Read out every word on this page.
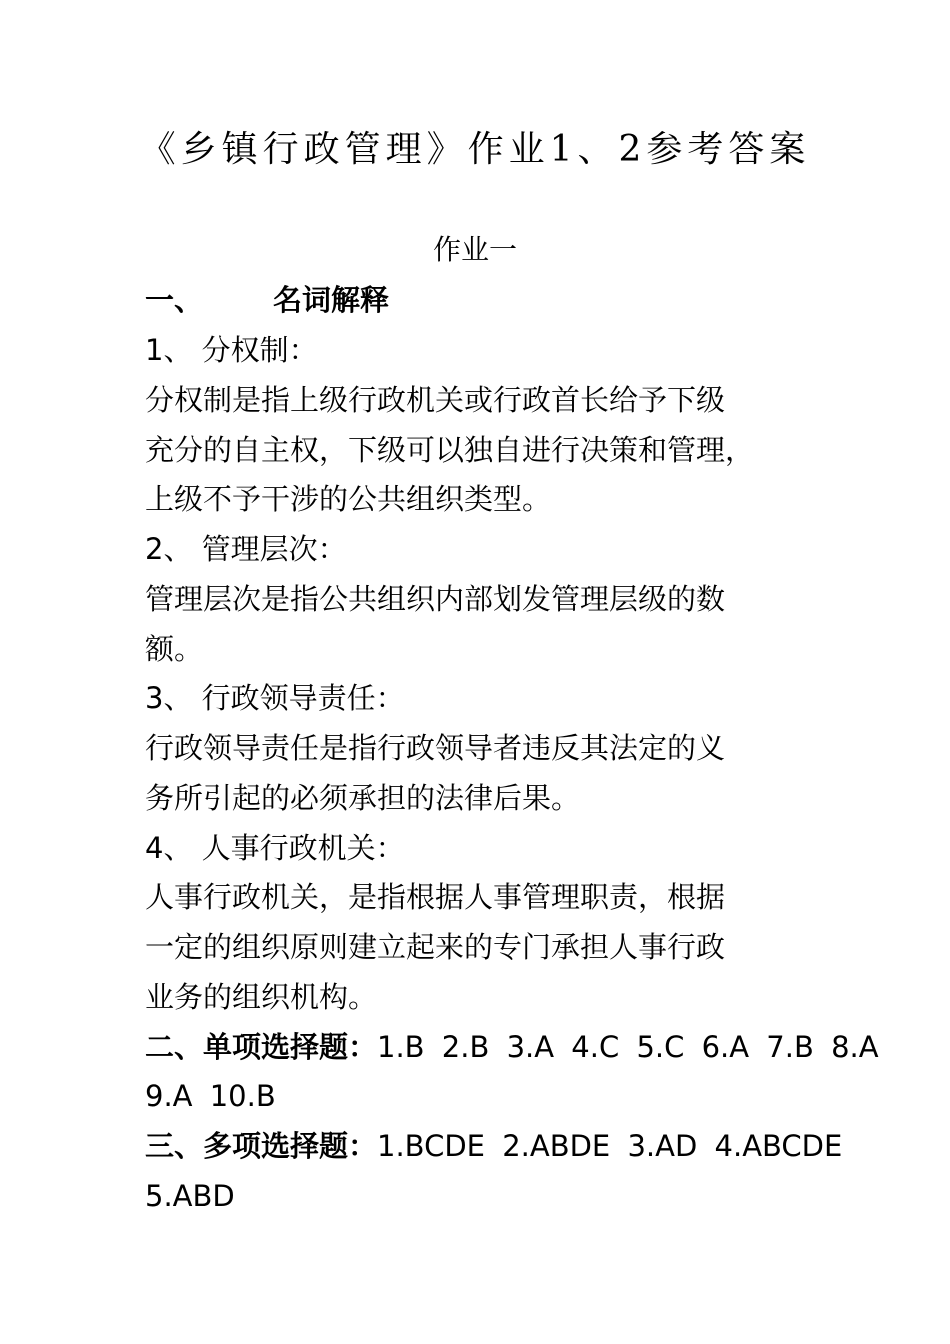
《乡镇行政管理》作业1、2参考答案
作业一
一、 名词解释
1、 分权制：
分权制是指上级行政机关或行政首长给予下级
充分的自主权，下级可以独自进行决策和管理，
上级不予干涉的公共组织类型。
2、 管理层次：
管理层次是指公共组织内部划发管理层级的数
额。
3、 行政领导责任：
行政领导责任是指行政领导者违反其法定的义
务所引起的必须承担的法律后果。
4、 人事行政机关：
人事行政机关，是指根据人事管理职责，根据
一定的组织原则建立起来的专门承担人事行政
业务的组织机构。
二、单项选择题：1.B 2.B 3.A 4.C 5.C 6.A 7.B 8.A
9.A 10.B
三、多项选择题：1.BCDE 2.ABDE 3.AD 4.ABCDE
5.ABD
